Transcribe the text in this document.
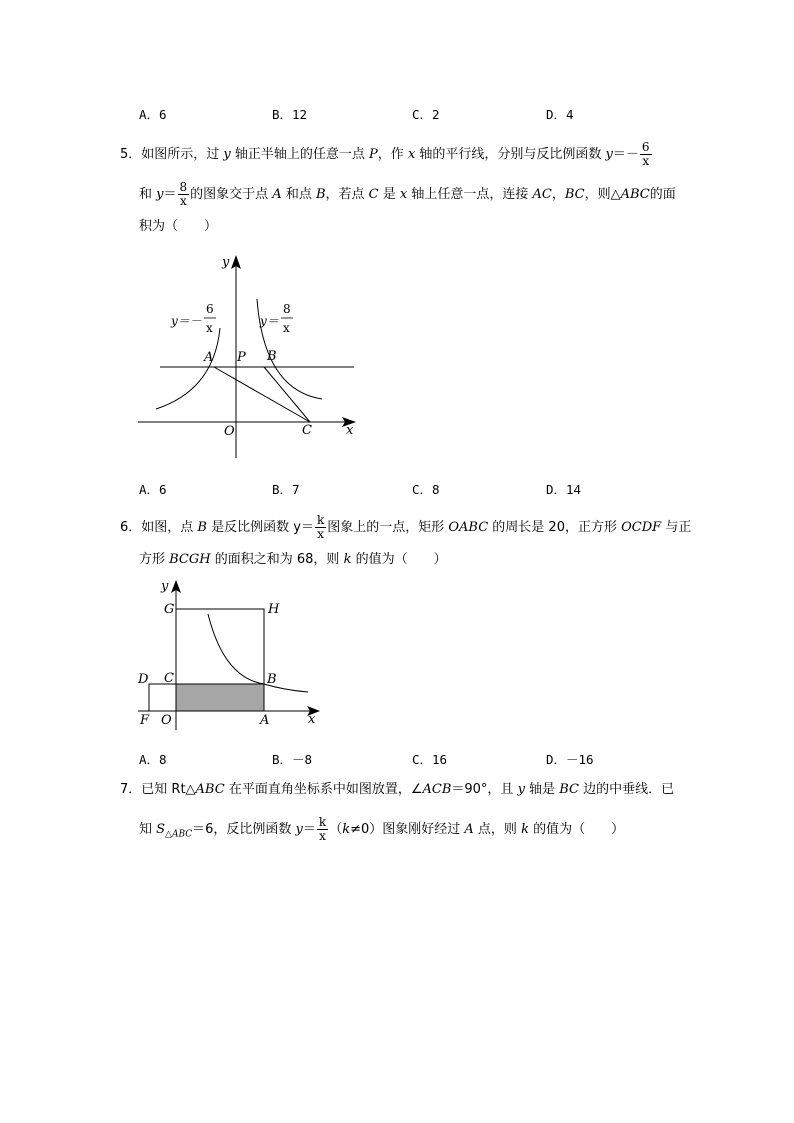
A．6	B．12	C．2	D．4
5．如图所示，过 y 轴正半轴上的任意一点 P，作 x 轴的平行线，分别与反比例函数 $y=- \frac{6}{x}$
和 $y= \frac{8}{x}$ 的图象交于点 A 和点 B，若点 C 是 x 轴上任意一点，连接 AC，BC，则△ABC的面
积为（　　）
y
x
O
P
A	B
C
y＝－
6
x	y＝
8
x
A．6	B．7	C．8	D．14
6．如图，点 B 是反比例函数 $y= \frac{k}{x}$ 图象上的一点，矩形 OABC 的周长是 20，正方形 OCDF 与正
方形 BCGH 的面积之和为 68，则 k 的值为（　　）
y
x
G	H
C	B
D
F O	A
A．8	B．－8	C．16	D．－16
7．已知 Rt△ABC 在平面直角坐标系中如图放置，∠ACB＝90°，且 y 轴是 BC 边的中垂线．已
知 $S_{\triangle ABC}=6$，反比例函数 $y= \frac{k}{x} (k\ne 0)$图象刚好经过 A 点，则 k 的值为（　　）
